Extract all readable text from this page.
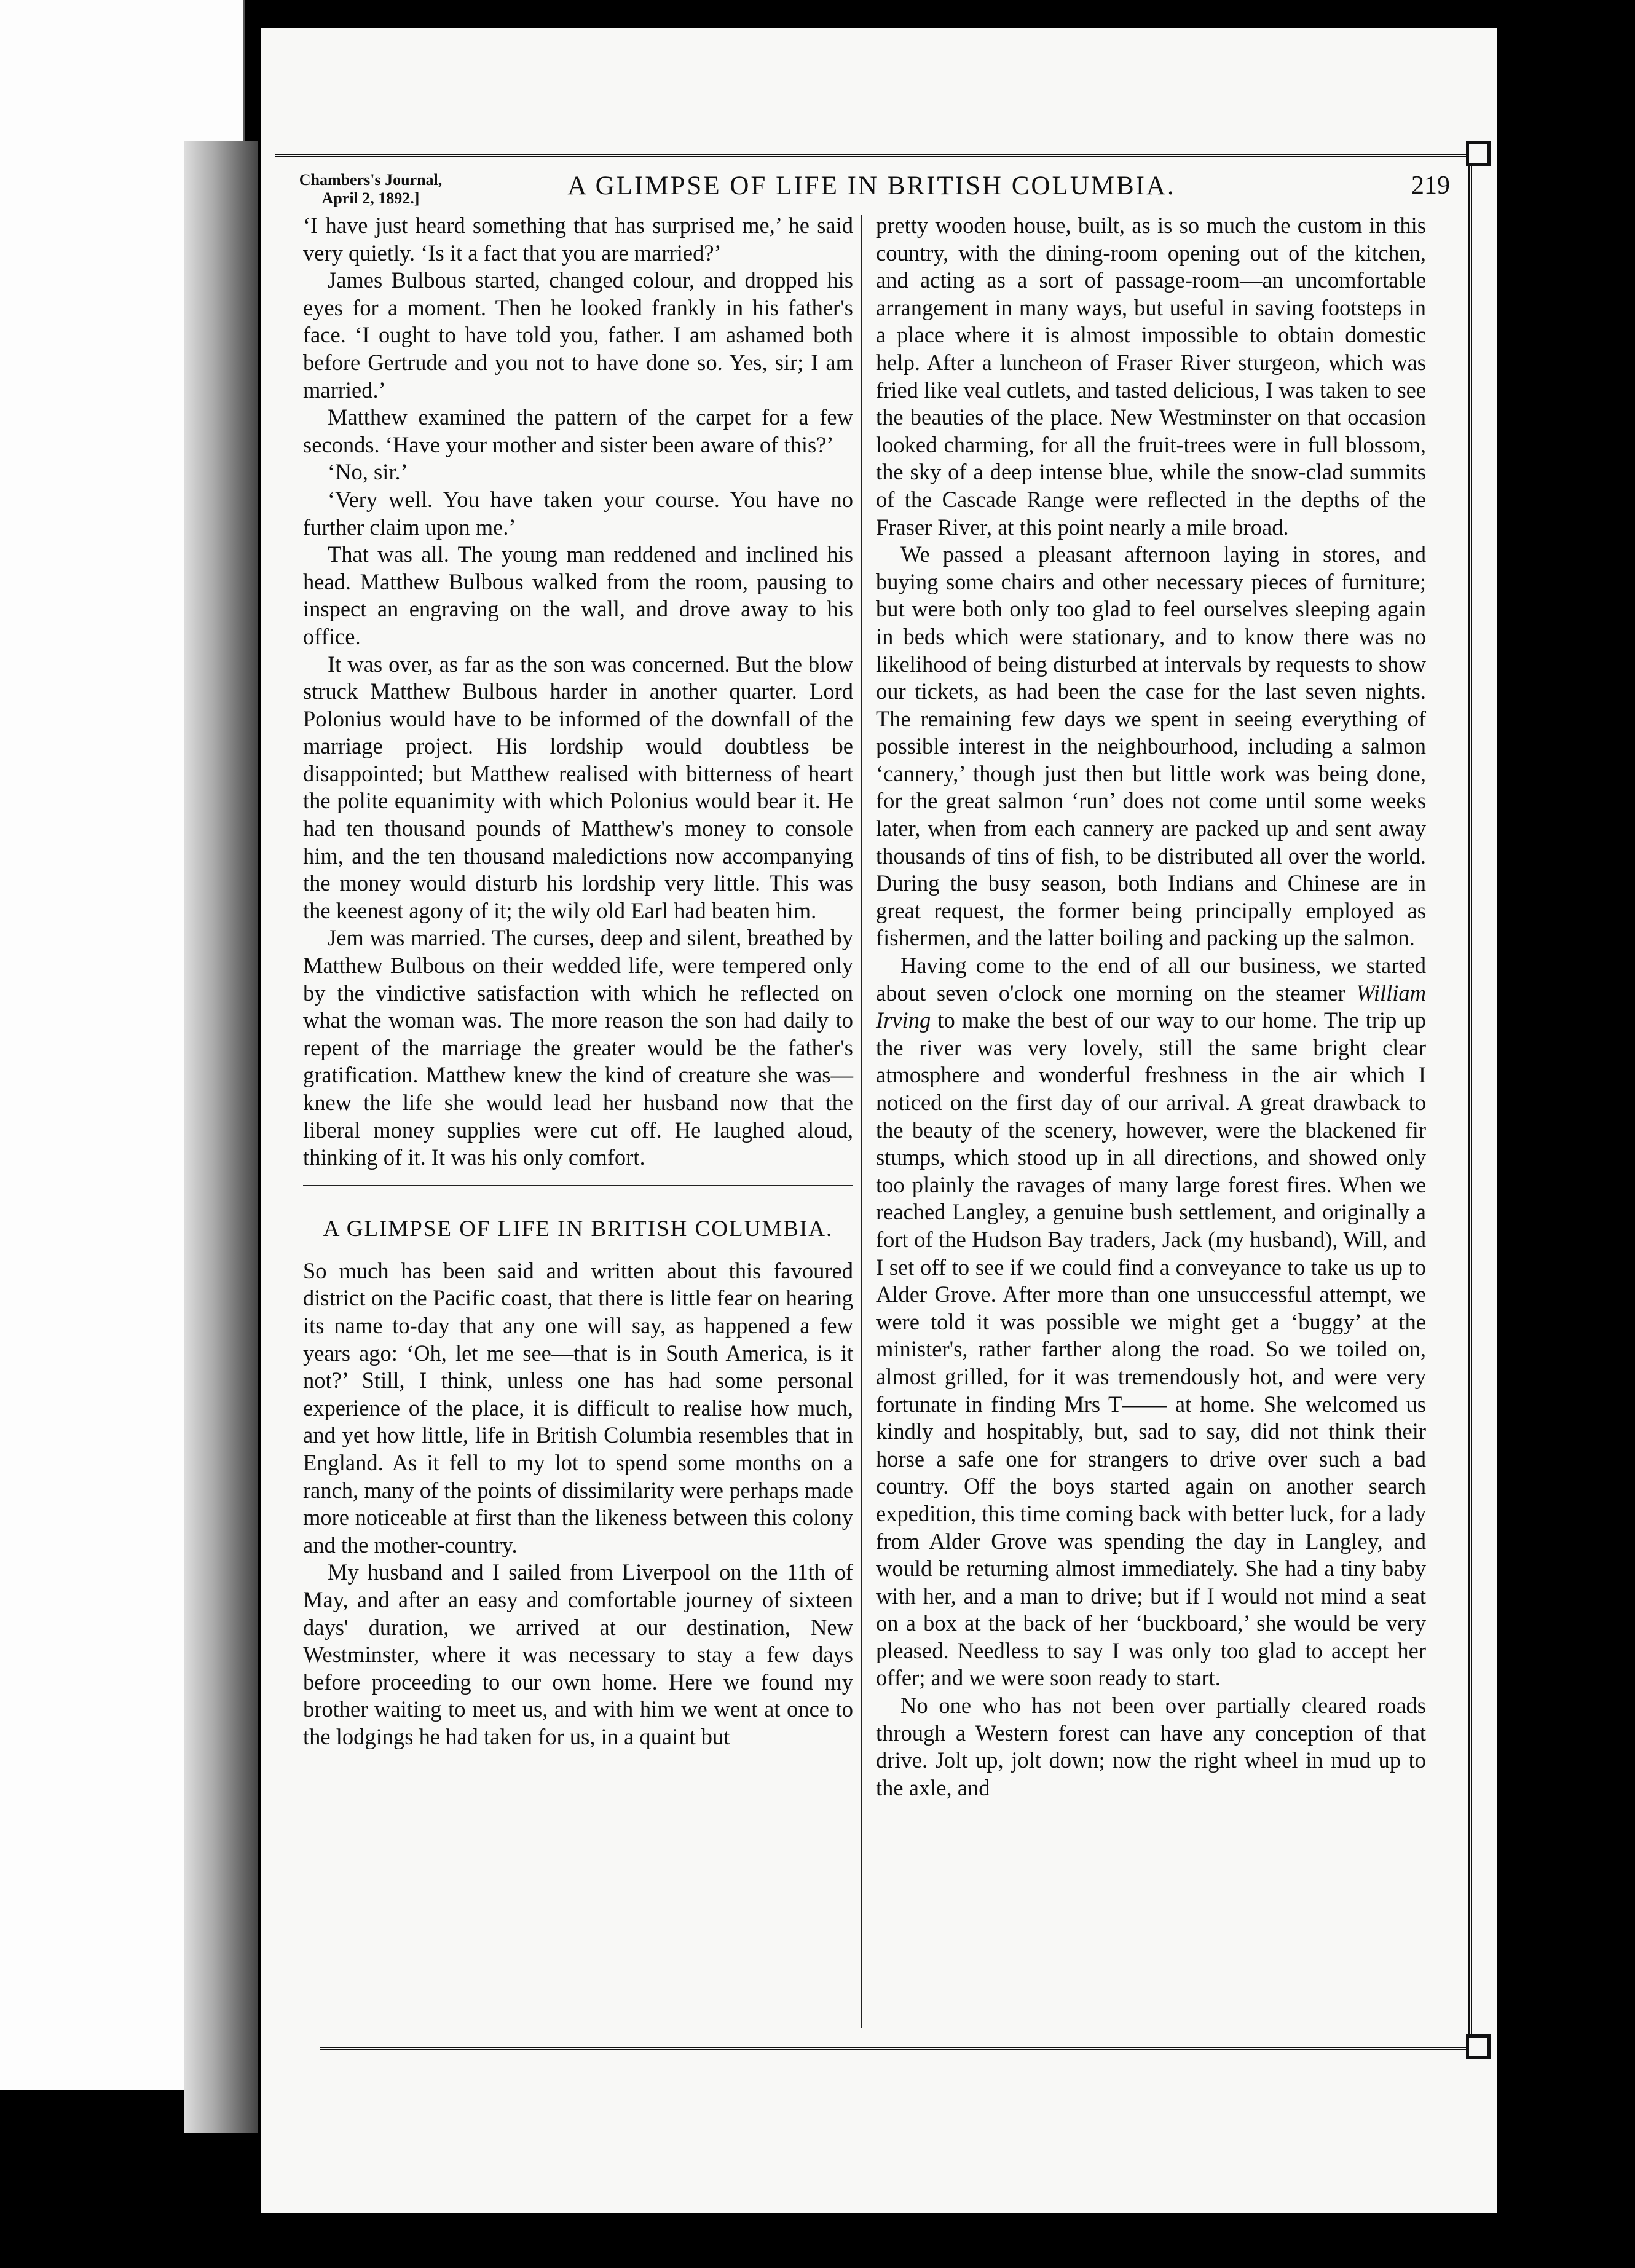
Chambers's Journal,
April 2, 1892.]	A GLIMPSE OF LIFE IN BRITISH COLUMBIA.	219

‘I have just heard something that has surprised me,’ he said very quietly. ‘Is it a fact that you are married?’

James Bulbous started, changed colour, and dropped his eyes for a moment. Then he looked frankly in his father's face. ‘I ought to have told you, father. I am ashamed both before Gertrude and you not to have done so. Yes, sir; I am married.’

Matthew examined the pattern of the carpet for a few seconds. ‘Have your mother and sister been aware of this?’

‘No, sir.’

‘Very well. You have taken your course. You have no further claim upon me.’

That was all. The young man reddened and inclined his head. Matthew Bulbous walked from the room, pausing to inspect an engraving on the wall, and drove away to his office.

It was over, as far as the son was concerned. But the blow struck Matthew Bulbous harder in another quarter. Lord Polonius would have to be informed of the downfall of the marriage project. His lordship would doubtless be disappointed; but Matthew realised with bitterness of heart the polite equanimity with which Polonius would bear it. He had ten thousand pounds of Matthew's money to console him, and the ten thousand maledictions now accompanying the money would disturb his lordship very little. This was the keenest agony of it; the wily old Earl had beaten him.

Jem was married. The curses, deep and silent, breathed by Matthew Bulbous on their wedded life, were tempered only by the vindictive satisfaction with which he reflected on what the woman was. The more reason the son had daily to repent of the marriage the greater would be the father's gratification. Matthew knew the kind of creature she was—knew the life she would lead her husband now that the liberal money supplies were cut off. He laughed aloud, thinking of it. It was his only comfort.

A GLIMPSE OF LIFE IN BRITISH COLUMBIA.

So much has been said and written about this favoured district on the Pacific coast, that there is little fear on hearing its name to-day that any one will say, as happened a few years ago: ‘Oh, let me see—that is in South America, is it not?’ Still, I think, unless one has had some personal experience of the place, it is difficult to realise how much, and yet how little, life in British Columbia resembles that in England. As it fell to my lot to spend some months on a ranch, many of the points of dissimilarity were perhaps made more noticeable at first than the likeness between this colony and the mother-country.

My husband and I sailed from Liverpool on the 11th of May, and after an easy and comfortable journey of sixteen days' duration, we arrived at our destination, New Westminster, where it was necessary to stay a few days before proceeding to our own home. Here we found my brother waiting to meet us, and with him we went at once to the lodgings he had taken for us, in a quaint but

pretty wooden house, built, as is so much the custom in this country, with the dining-room opening out of the kitchen, and acting as a sort of passage-room—an uncomfortable arrangement in many ways, but useful in saving footsteps in a place where it is almost impossible to obtain domestic help. After a luncheon of Fraser River sturgeon, which was fried like veal cutlets, and tasted delicious, I was taken to see the beauties of the place. New Westminster on that occasion looked charming, for all the fruit-trees were in full blossom, the sky of a deep intense blue, while the snow-clad summits of the Cascade Range were reflected in the depths of the Fraser River, at this point nearly a mile broad.

We passed a pleasant afternoon laying in stores, and buying some chairs and other necessary pieces of furniture; but were both only too glad to feel ourselves sleeping again in beds which were stationary, and to know there was no likelihood of being disturbed at intervals by requests to show our tickets, as had been the case for the last seven nights. The remaining few days we spent in seeing everything of possible interest in the neighbourhood, including a salmon ‘cannery,’ though just then but little work was being done, for the great salmon ‘run’ does not come until some weeks later, when from each cannery are packed up and sent away thousands of tins of fish, to be distributed all over the world. During the busy season, both Indians and Chinese are in great request, the former being principally employed as fishermen, and the latter boiling and packing up the salmon.

Having come to the end of all our business, we started about seven o'clock one morning on the steamer William Irving to make the best of our way to our home. The trip up the river was very lovely, still the same bright clear atmosphere and wonderful freshness in the air which I noticed on the first day of our arrival. A great drawback to the beauty of the scenery, however, were the blackened fir stumps, which stood up in all directions, and showed only too plainly the ravages of many large forest fires. When we reached Langley, a genuine bush settlement, and originally a fort of the Hudson Bay traders, Jack (my husband), Will, and I set off to see if we could find a conveyance to take us up to Alder Grove. After more than one unsuccessful attempt, we were told it was possible we might get a ‘buggy’ at the minister's, rather farther along the road. So we toiled on, almost grilled, for it was tremendously hot, and were very fortunate in finding Mrs T—— at home. She welcomed us kindly and hospitably, but, sad to say, did not think their horse a safe one for strangers to drive over such a bad country. Off the boys started again on another search expedition, this time coming back with better luck, for a lady from Alder Grove was spending the day in Langley, and would be returning almost immediately. She had a tiny baby with her, and a man to drive; but if I would not mind a seat on a box at the back of her ‘buckboard,’ she would be very pleased. Needless to say I was only too glad to accept her offer; and we were soon ready to start.

No one who has not been over partially cleared roads through a Western forest can have any conception of that drive. Jolt up, jolt down; now the right wheel in mud up to the axle, and
